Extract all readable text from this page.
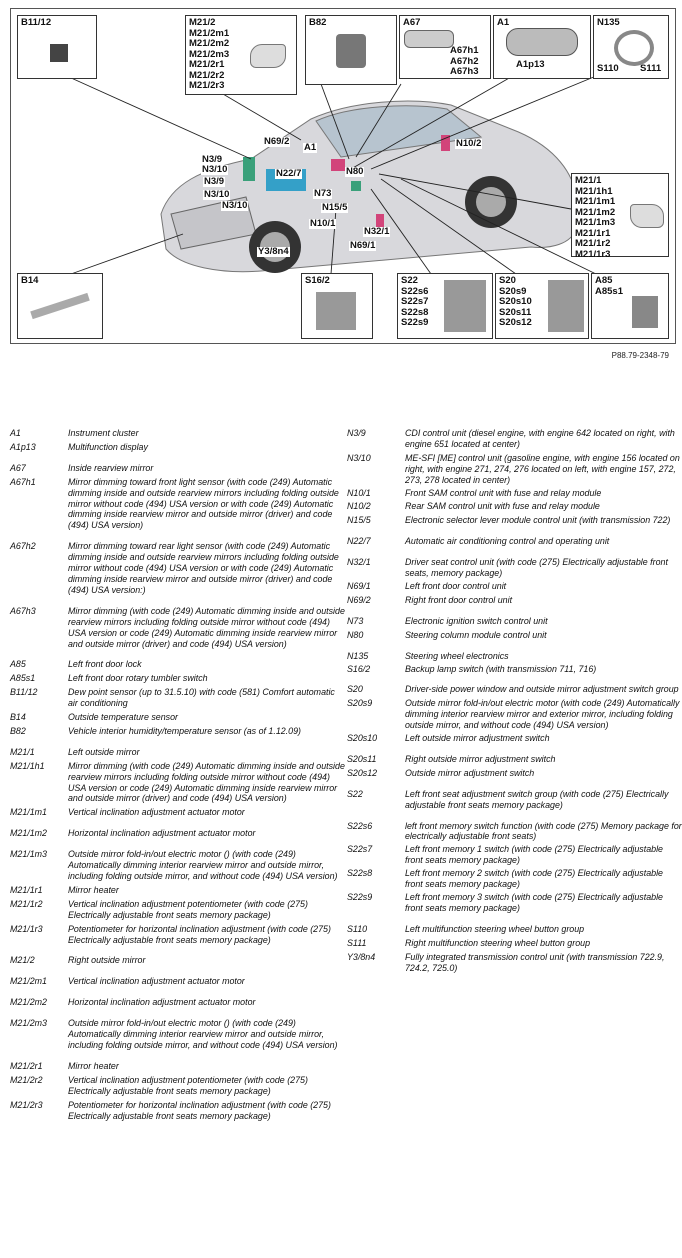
B11/12	M21/2
M21/2m1
M21/2m2
M21/2m3
M21/2r1
M21/2r2
M21/2r3
B82	A67
A67h1
A67h2
A67h3
A1
A1p13
N135
S110 S111
M21/1
M21/1h1
M21/1m1
M21/1m2
M21/1m3
M21/1r1
M21/1r2
M21/1r3
B14	S16/2	S22
S22s6
S22s7
S22s8
S22s9
S20
S20s9
S20s10
S20s11
S20s12
A85
A85s1
N69/2
A1	N10/2
N3/9
N3/10
N3/9
N3/10
N3/10
N22/7	N80
N73
N15/5
N10/1
N32/1
N69/1
Y3/8n4
P88.79-2348-79
A1	Instrument cluster
A1p13	Multifunction display
A67	Inside rearview mirror
A67h1	Mirror dimming toward front light sensor (with code (249) Automatic dimming inside and outside rearview mirrors including folding outside mirror without code (494) USA version or with code (249) Automatic dimming inside rearview mirror and outside mirror (driver) and code (494) USA version)
A67h2	Mirror dimming toward rear light sensor (with code (249) Automatic dimming inside and outside rearview mirrors including folding outside mirror without code (494) USA version or with code (249) Automatic dimming inside rearview mirror and outside mirror (driver) and code (494) USA version:)
A67h3	Mirror dimming (with code (249) Automatic dimming inside and outside rearview mirrors including folding outside mirror without code (494) USA version or code (249) Automatic dimming inside rearview mirror and outside mirror (driver) and code (494) USA version)
A85	Left front door lock
A85s1	Left front door rotary tumbler switch
B11/12	Dew point sensor (up to 31.5.10) with code (581) Comfort automatic air conditioning
B14	Outside temperature sensor
B82	Vehicle interior humidity/temperature sensor (as of 1.12.09)
M21/1	Left outside mirror
M21/1h1	Mirror dimming (with code (249) Automatic dimming inside and outside rearview mirrors including folding outside mirror without code (494) USA version or code (249) Automatic dimming inside rearview mirror and outside mirror (driver) and code (494) USA version)
M21/1m1	Vertical inclination adjustment actuator motor
M21/1m2	Horizontal inclination adjustment actuator motor
M21/1m3	Outside mirror fold-in/out electric motor () (with code (249) Automatically dimming interior rearview mirror and outside mirror, including folding outside mirror, and without code (494) USA version)
M21/1r1	Mirror heater
M21/1r2	Vertical inclination adjustment potentiometer (with code (275) Electrically adjustable front seats memory package)
M21/1r3	Potentiometer for horizontal inclination adjustment (with code (275) Electrically adjustable front seats memory package)
M21/2	Right outside mirror
M21/2m1	Vertical inclination adjustment actuator motor
M21/2m2	Horizontal inclination adjustment actuator motor
M21/2m3	Outside mirror fold-in/out electric motor () (with code (249) Automatically dimming interior rearview mirror and outside mirror, including folding outside mirror, and without code (494) USA version)
M21/2r1	Mirror heater
M21/2r2	Vertical inclination adjustment potentiometer (with code (275) Electrically adjustable front seats memory package)
M21/2r3	Potentiometer for horizontal inclination adjustment (with code (275) Electrically adjustable front seats memory package)
N3/9	CDI control unit (diesel engine, with engine 642 located on right, with engine 651 located at center)
N3/10	ME-SFI [ME] control unit (gasoline engine, with engine 156 located on right, with engine 271, 274, 276 located on left, with engine 157, 272, 273, 278 located in center)
N10/1	Front SAM control unit with fuse and relay module
N10/2	Rear SAM control unit with fuse and relay module
N15/5	Electronic selector lever module control unit (with transmission 722)
N22/7	Automatic air conditioning control and operating unit
N32/1	Driver seat control unit (with code (275) Electrically adjustable front seats, memory package)
N69/1	Left front door control unit
N69/2	Right front door control unit
N73	Electronic ignition switch control unit
N80	Steering column module control unit
N135	Steering wheel electronics
S16/2	Backup lamp switch (with transmission 711, 716)
S20	Driver-side power window and outside mirror adjustment switch group
S20s9	Outside mirror fold-in/out electric motor (with code (249) Automatically dimming interior rearview mirror and exterior mirror, including folding outside mirror, and without code (494) USA version)
S20s10	Left outside mirror adjustment switch
S20s11	Right outside mirror adjustment switch
S20s12	Outside mirror adjustment switch
S22	Left front seat adjustment switch group (with code (275) Electrically adjustable front seats memory package)
S22s6	left front memory switch function (with code (275) Memory package for electrically adjustable front seats)
S22s7	Left front memory 1 switch (with code (275) Electrically adjustable front seats memory package)
S22s8	Left front memory 2 switch (with code (275) Electrically adjustable front seats memory package)
S22s9	Left front memory 3 switch (with code (275) Electrically adjustable front seats memory package)
S110	Left multifunction steering wheel button group
S111	Right multifunction steering wheel button group
Y3/8n4	Fully integrated transmission control unit (with transmission 722.9, 724.2, 725.0)
